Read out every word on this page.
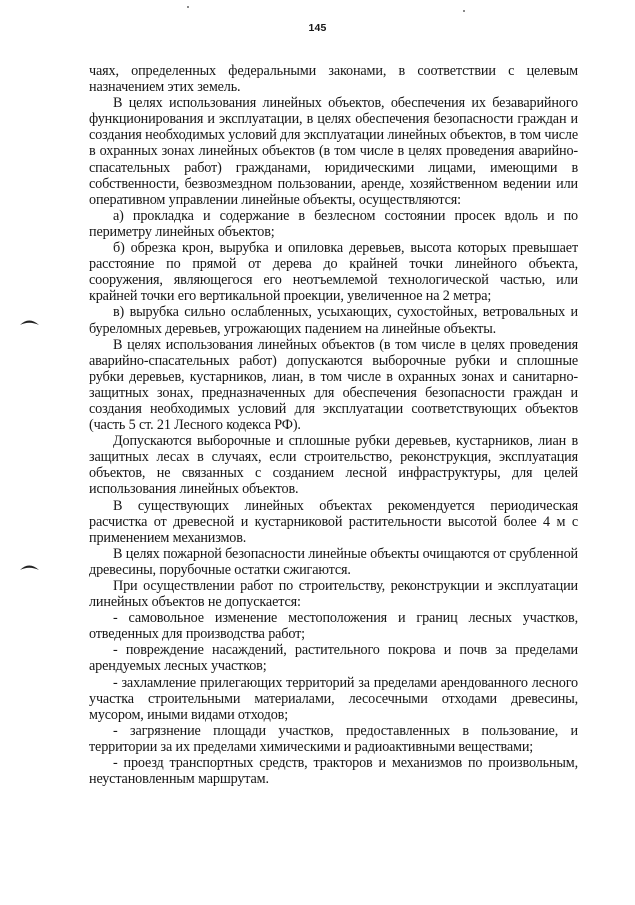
145

чаях, определенных федеральными законами, в соответствии с целевым назначением этих земель.

В целях использования линейных объектов, обеспечения их безаварийного функционирования и эксплуатации, в целях обеспечения безопасности граждан и создания необходимых условий для эксплуатации линейных объектов, в том числе в охранных зонах линейных объектов (в том числе в целях проведения аварийно-спасательных работ) гражданами, юридическими лицами, имеющими в собственности, безвозмездном пользовании, аренде, хозяйственном ведении или оперативном управлении линейные объекты, осуществляются:

а) прокладка и содержание в безлесном состоянии просек вдоль и по периметру линейных объектов;

б) обрезка крон, вырубка и опиловка деревьев, высота которых превышает расстояние по прямой от дерева до крайней точки линейного объекта, сооружения, являющегося его неотъемлемой технологической частью, или крайней точки его вертикальной проекции, увеличенное на 2 метра;

в) вырубка сильно ослабленных, усыхающих, сухостойных, ветровальных и буреломных деревьев, угрожающих падением на линейные объекты.

В целях использования линейных объектов (в том числе в целях проведения аварийно-спасательных работ) допускаются выборочные рубки и сплошные рубки деревьев, кустарников, лиан, в том числе в охранных зонах и санитарно-защитных зонах, предназначенных для обеспечения безопасности граждан и создания необходимых условий для эксплуатации соответствующих объектов (часть 5 ст. 21 Лесного кодекса РФ).

Допускаются выборочные и сплошные рубки деревьев, кустарников, лиан в защитных лесах в случаях, если строительство, реконструкция, эксплуатация объектов, не связанных с созданием лесной инфраструктуры, для целей использования линейных объектов.

В существующих линейных объектах рекомендуется периодическая расчистка от древесной и кустарниковой растительности высотой более 4 м с применением механизмов.

В целях пожарной безопасности линейные объекты очищаются от срубленной древесины, порубочные остатки сжигаются.

При осуществлении работ по строительству, реконструкции и эксплуатации линейных объектов не допускается:

- самовольное изменение местоположения и границ лесных участков, отведенных для производства работ;

- повреждение насаждений, растительного покрова и почв за пределами арендуемых лесных участков;

- захламление прилегающих территорий за пределами арендованного лесного участка строительными материалами, лесосечными отходами древесины, мусором, иными видами отходов;

- загрязнение площади участков, предоставленных в пользование, и территории за их пределами химическими и радиоактивными веществами;

- проезд транспортных средств, тракторов и механизмов по произвольным, неустановленным маршрутам.
